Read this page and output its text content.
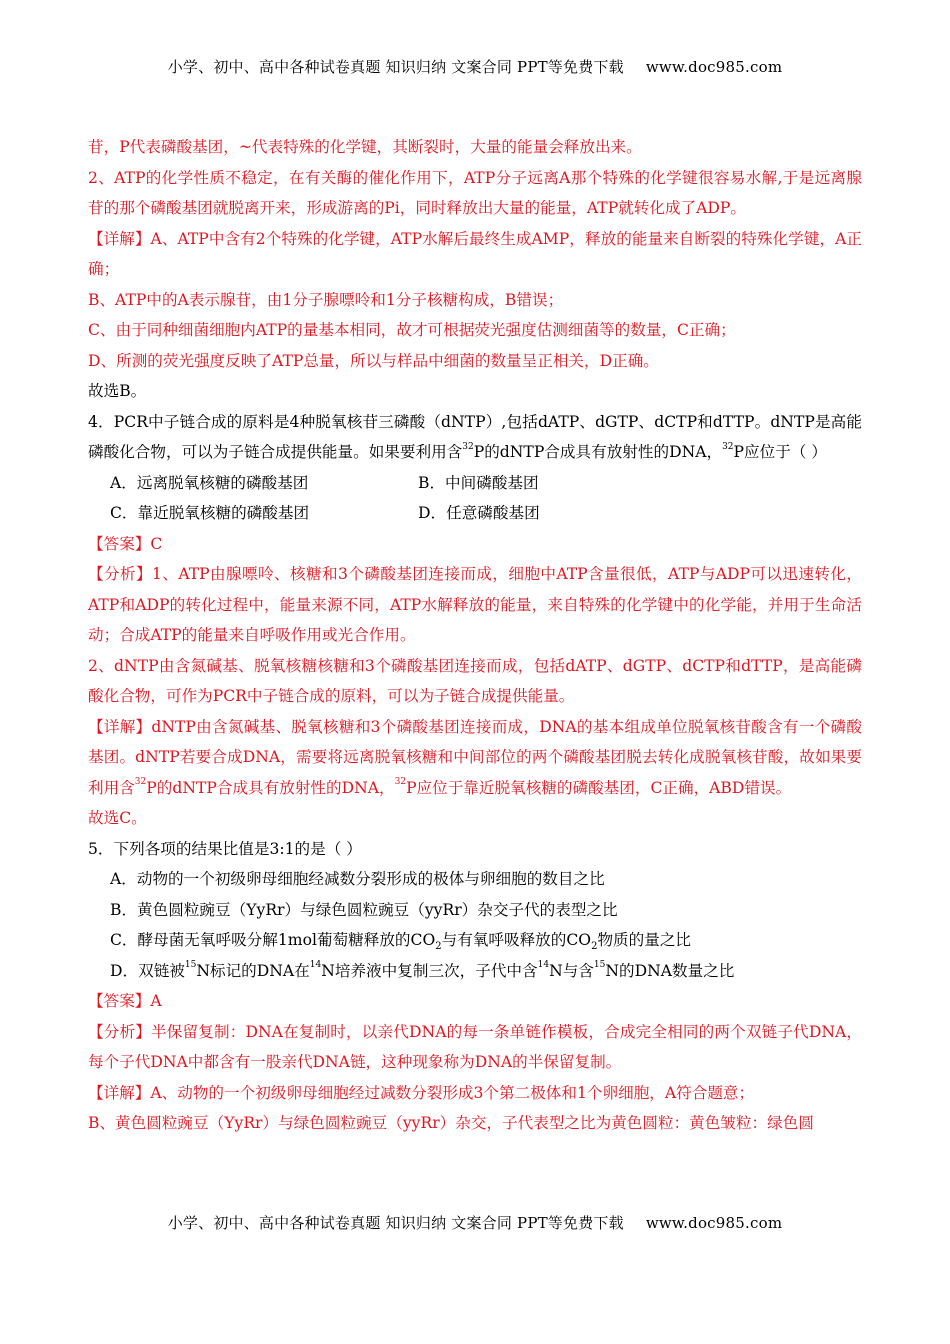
小学、初中、高中各种试卷真题 知识归纳 文案合同 PPT等免费下载 www.doc985.com

苷，P代表磷酸基团，~代表特殊的化学键，其断裂时，大量的能量会释放出来。

2、ATP的化学性质不稳定，在有关酶的催化作用下，ATP分子远离A那个特殊的化学键很容易水解,于是远离腺苷的那个磷酸基团就脱离开来，形成游离的Pi，同时释放出大量的能量，ATP就转化成了ADP。

【详解】A、ATP中含有2个特殊的化学键，ATP水解后最终生成AMP，释放的能量来自断裂的特殊化学键，A正确；

B、ATP中的A表示腺苷，由1分子腺嘌呤和1分子核糖构成，B错误；

C、由于同种细菌细胞内ATP的量基本相同，故才可根据荧光强度估测细菌等的数量，C正确；

D、所测的荧光强度反映了ATP总量，所以与样品中细菌的数量呈正相关，D正确。

故选B。

4．PCR中子链合成的原料是4种脱氧核苷三磷酸（dNTP）,包括dATP、dGTP、dCTP和dTTP。dNTP是高能磷酸化合物，可以为子链合成提供能量。如果要利用含$^{32}$P的dNTP合成具有放射性的DNA，$^{32}$P应位于（ ）

A．远离脱氧核糖的磷酸基团	B．中间磷酸基团
C．靠近脱氧核糖的磷酸基团	D．任意磷酸基团

【答案】C

【分析】1、ATP由腺嘌呤、核糖和3个磷酸基团连接而成，细胞中ATP含量很低，ATP与ADP可以迅速转化，ATP和ADP的转化过程中，能量来源不同，ATP水解释放的能量，来自特殊的化学键中的化学能，并用于生命活动；合成ATP的能量来自呼吸作用或光合作用。

2、dNTP由含氮碱基、脱氧核糖核糖和3个磷酸基团连接而成，包括dATP、dGTP、dCTP和dTTP，是高能磷酸化合物，可作为PCR中子链合成的原料，可以为子链合成提供能量。

【详解】dNTP由含氮碱基、脱氧核糖和3个磷酸基团连接而成，DNA的基本组成单位脱氧核苷酸含有一个磷酸基团。dNTP若要合成DNA，需要将远离脱氧核糖和中间部位的两个磷酸基团脱去转化成脱氧核苷酸，故如果要利用含$^{32}$P的dNTP合成具有放射性的DNA，$^{32}$P应位于靠近脱氧核糖的磷酸基团，C正确，ABD错误。

故选C。

5．下列各项的结果比值是3:1的是（ ）

A．动物的一个初级卵母细胞经减数分裂形成的极体与卵细胞的数目之比

B．黄色圆粒豌豆（YyRr）与绿色圆粒豌豆（yyRr）杂交子代的表型之比

C．酵母菌无氧呼吸分解1mol葡萄糖释放的$CO_2$与有氧呼吸释放的$CO_2$物质的量之比

D．双链被$^{15}$N标记的DNA在$^{14}$N培养液中复制三次，子代中含$^{14}$N与含$^{15}$N的DNA数量之比

【答案】A

【分析】半保留复制：DNA在复制时，以亲代DNA的每一条单链作模板，合成完全相同的两个双链子代DNA，每个子代DNA中都含有一股亲代DNA链，这种现象称为DNA的半保留复制。

【详解】A、动物的一个初级卵母细胞经过减数分裂形成3个第二极体和1个卵细胞，A符合题意；

B、黄色圆粒豌豆（YyRr）与绿色圆粒豌豆（yyRr）杂交，子代表型之比为黄色圆粒：黄色皱粒：绿色圆

小学、初中、高中各种试卷真题 知识归纳 文案合同 PPT等免费下载 www.doc985.com
